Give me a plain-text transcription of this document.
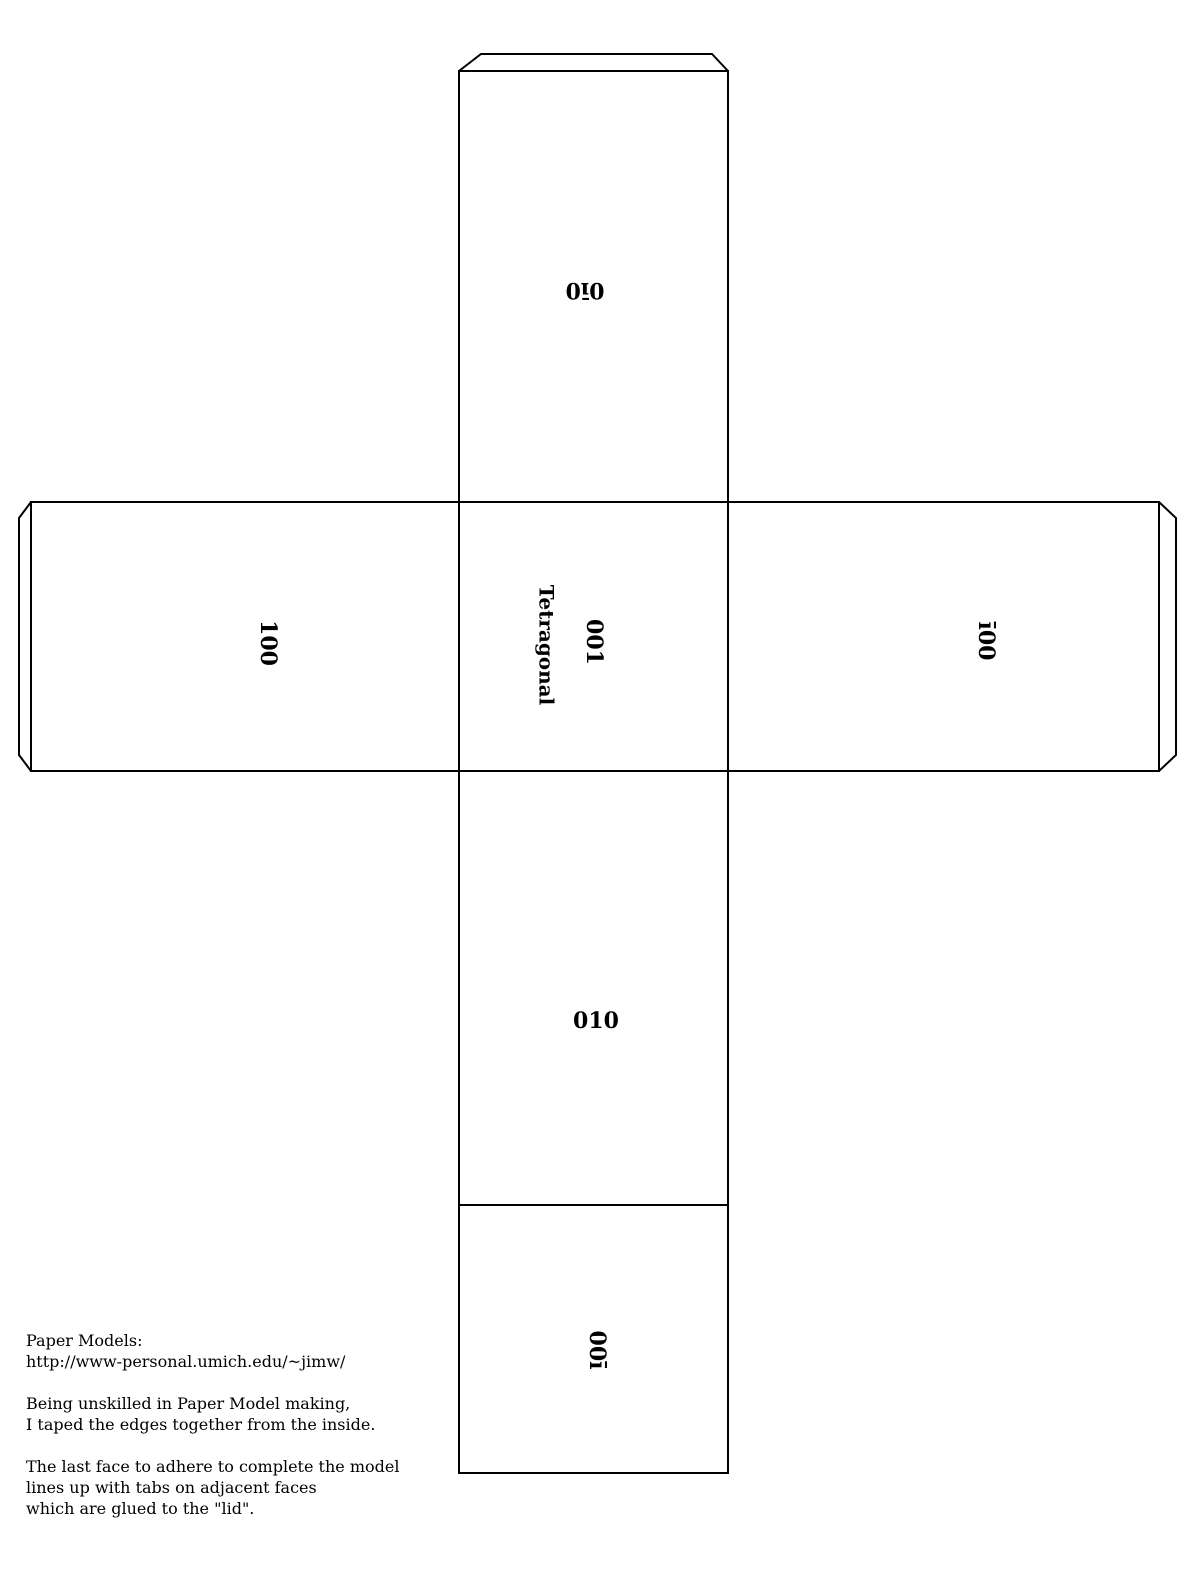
0ī0
100	001
Tetragonal	ī00
010
00ī

Paper Models:
http://www-personal.umich.edu/~jimw/

Being unskilled in Paper Model making,
I taped the edges together from the inside.

The last face to adhere to complete the model
lines up with tabs on adjacent faces
which are glued to the "lid".
